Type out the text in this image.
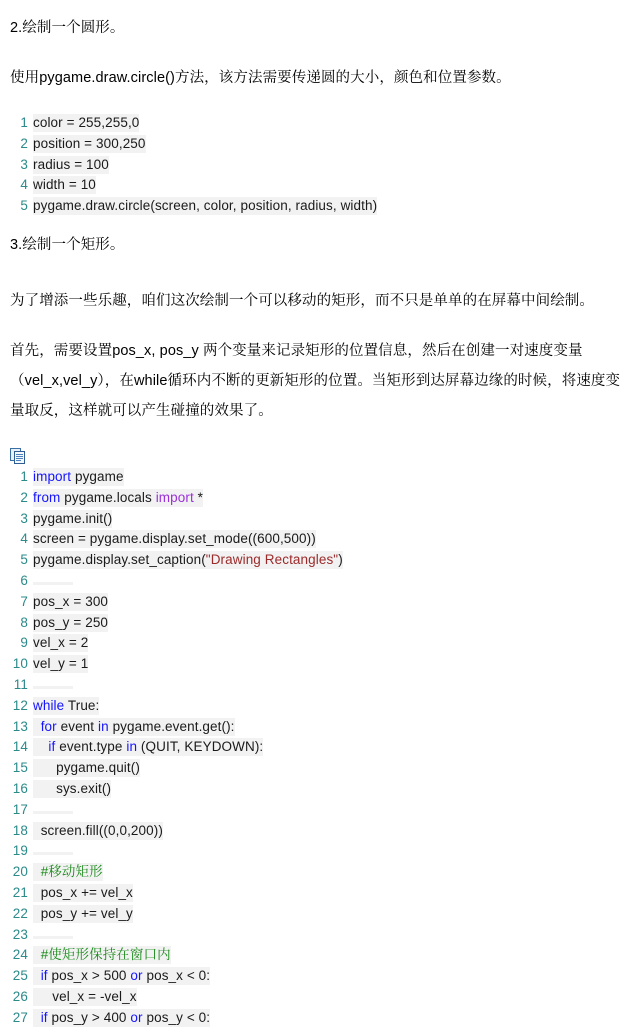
2.绘制一个圆形。
使用pygame.draw.circle()方法，该方法需要传递圆的大小，颜色和位置参数。
1 color = 255,255,0
2 position = 300,250
3 radius = 100
4 width = 10
5 pygame.draw.circle(screen, color, position, radius, width)
3.绘制一个矩形。
为了增添一些乐趣，咱们这次绘制一个可以移动的矩形，而不只是单单的在屏幕中间绘制。
首先，需要设置pos_x, pos_y 两个变量来记录矩形的位置信息，然后在创建一对速度变量（vel_x,vel_y），在while循环内不断的更新矩形的位置。当矩形到达屏幕边缘的时候，将速度变量取反，这样就可以产生碰撞的效果了。
1 import pygame
2 from pygame.locals import *
3 pygame.init()
4 screen = pygame.display.set_mode((600,500))
5 pygame.display.set_caption("Drawing Rectangles")
6
7 pos_x = 300
8 pos_y = 250
9 vel_x = 2
10 vel_y = 1
11
12 while True:
13 for event in pygame.event.get():
14 if event.type in (QUIT, KEYDOWN):
15      pygame.quit()
16      sys.exit()
17
18  screen.fill((0,0,200))
19
20  #移动矩形
21  pos_x += vel_x
22  pos_y += vel_y
23
24  #使矩形保持在窗口内
25 if pos_x > 500 or pos_x < 0:
26     vel_x = -vel_x
27 if pos_y > 400 or pos_y < 0:
